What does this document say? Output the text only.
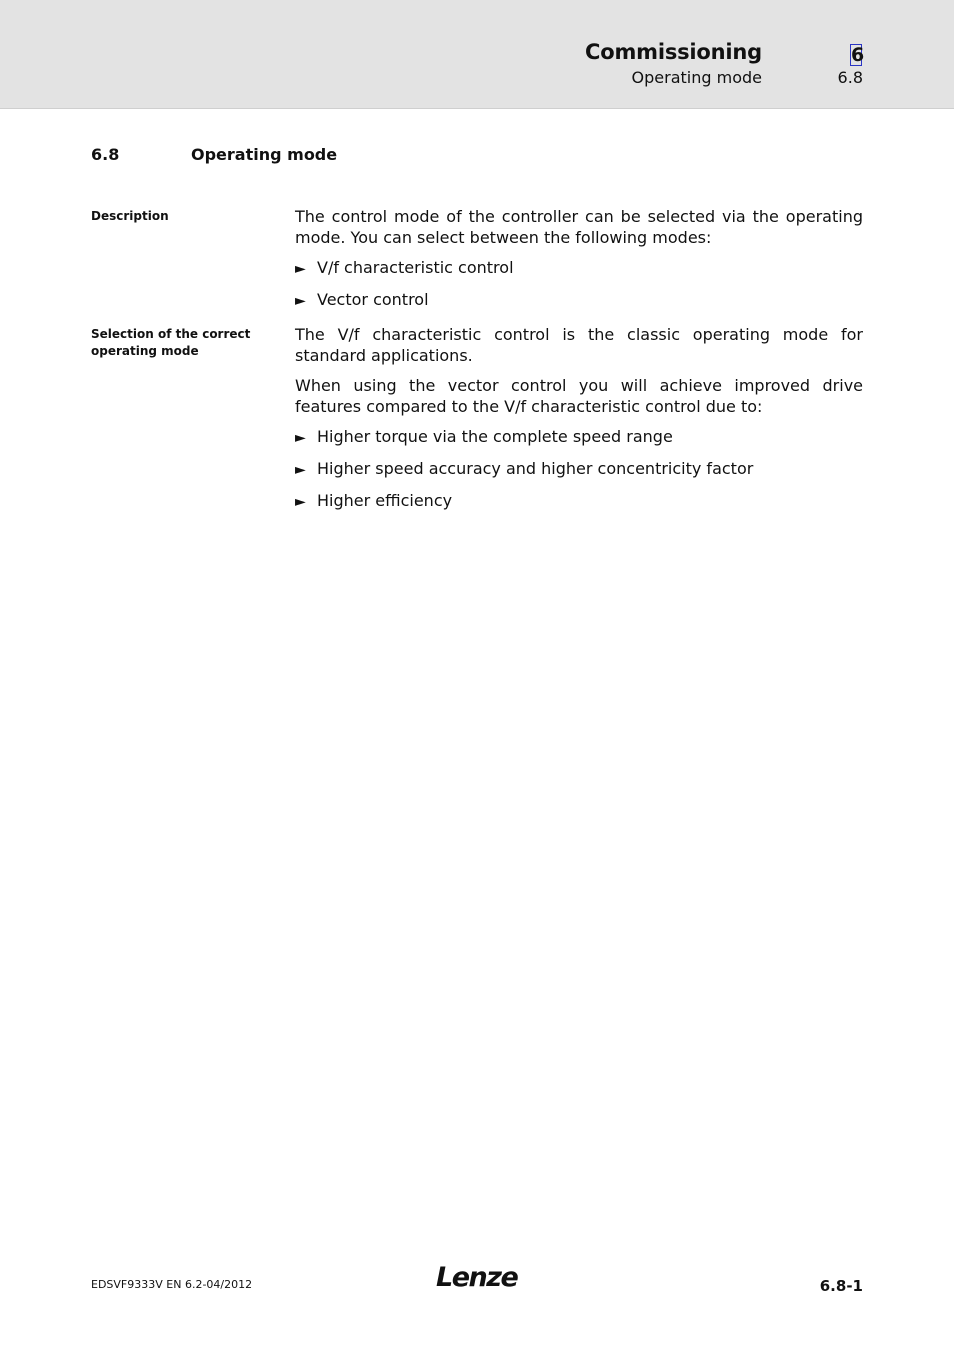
Commissioning
Operating mode
6
6.8
6.8	Operating mode
Description	The control mode of the controller can be selected via the operating mode. You can select between the following modes:

► V/f characteristic control
► Vector control
Selection of the correct operating mode

The V/f characteristic control is the classic operating mode for standard applications.

When using the vector control you will achieve improved drive features compared to the V/f characteristic control due to:

► Higher torque via the complete speed range
► Higher speed accuracy and higher concentricity factor
► Higher efficiency
EDSVF9333V EN 6.2-04/2012	Lenze	6.8-1
